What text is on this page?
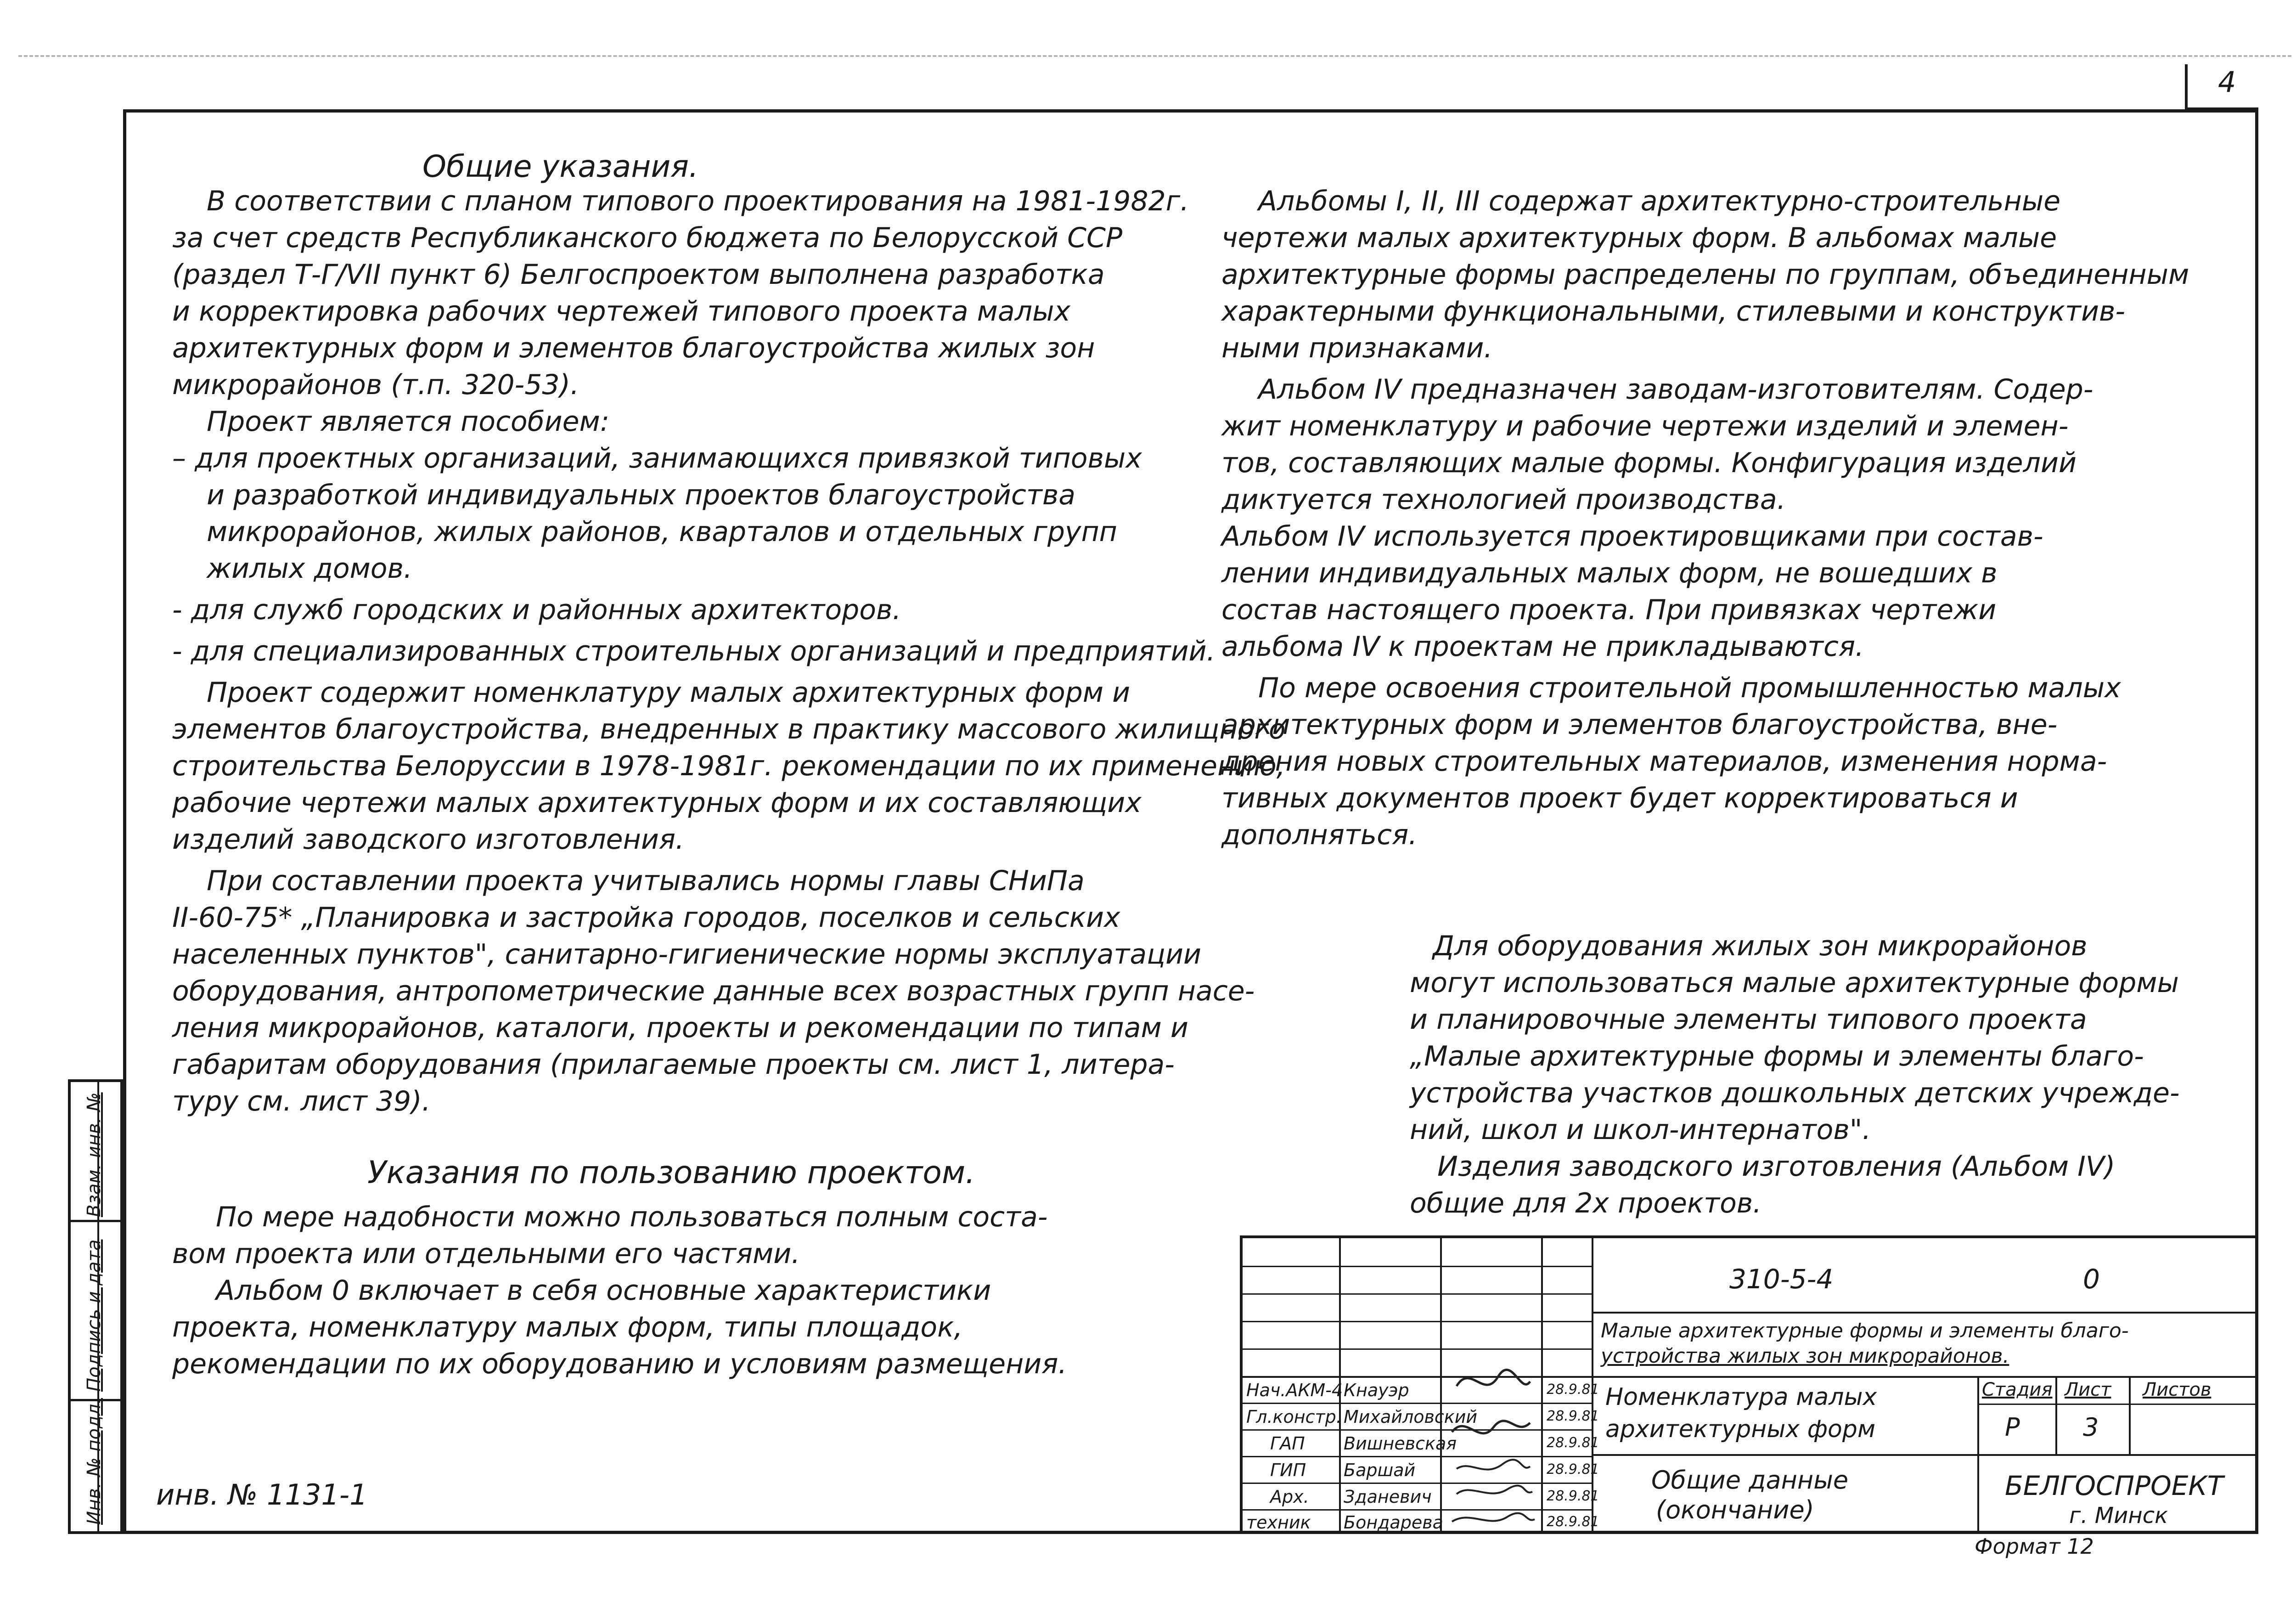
4
Взам. инв. №
Подпись и дата
Инв. № подл.
Общие указания.
В соответствии с планом типового проектирования на 1981-1982г.
за счет средств Республиканского бюджета по Белорусской ССР
(раздел Т-Г/VII пункт 6) Белгоспроектом выполнена разработка
и корректировка рабочих чертежей типового проекта малых
архитектурных форм и элементов благоустройства жилых зон
микрорайонов (т.п. 320-53).
Проект является пособием:
– для проектных организаций, занимающихся привязкой типовых
и разработкой индивидуальных проектов благоустройства
микрорайонов, жилых районов, кварталов и отдельных групп
жилых домов.
- для служб городских и районных архитекторов.
- для специализированных строительных организаций и предприятий.
Проект содержит номенклатуру малых архитектурных форм и
элементов благоустройства, внедренных в практику массового жилищного
строительства Белоруссии в 1978-1981г. рекомендации по их применению,
рабочие чертежи малых архитектурных форм и их составляющих
изделий заводского изготовления.
При составлении проекта учитывались нормы главы СНиПа
II-60-75* „Планировка и застройка городов, поселков и сельских
населенных пунктов", санитарно-гигиенические нормы эксплуатации
оборудования, антропометрические данные всех возрастных групп насе-
ления микрорайонов, каталоги, проекты и рекомендации по типам и
габаритам оборудования (прилагаемые проекты см. лист 1, литера-
туру см. лист 39).
Указания по пользованию проектом.
По мере надобности можно пользоваться полным соста-
вом проекта или отдельными его частями.
Альбом 0 включает в себя основные характеристики
проекта, номенклатуру малых форм, типы площадок,
рекомендации по их оборудованию и условиям размещения.
инв. № 1131-1
Альбомы I, II, III содержат архитектурно-строительные
чертежи малых архитектурных форм. В альбомах малые
архитектурные формы распределены по группам, объединенным
характерными функциональными, стилевыми и конструктив-
ными признаками.
Альбом IV предназначен заводам-изготовителям. Содер-
жит номенклатуру и рабочие чертежи изделий и элемен-
тов, составляющих малые формы. Конфигурация изделий
диктуется технологией производства.
Альбом IV используется проектировщиками при состав-
лении индивидуальных малых форм, не вошедших в
состав настоящего проекта. При привязках чертежи
альбома IV к проектам не прикладываются.
По мере освоения строительной промышленностью малых
архитектурных форм и элементов благоустройства, вне-
дрения новых строительных материалов, изменения норма-
тивных документов проект будет корректироваться и
дополняться.
Для оборудования жилых зон микрорайонов
могут использоваться малые архитектурные формы
и планировочные элементы типового проекта
„Малые архитектурные формы и элементы благо-
устройства участков дошкольных детских учрежде-
ний, школ и школ-интернатов".
Изделия заводского изготовления (Альбом IV)
общие для 2х проектов.
310-5-4	0
Малые архитектурные формы и элементы благо-
устройства жилых зон микрорайонов.
Номенклатура малых
архитектурных форм
Стадия Лист Листов
Р	3
Общие данные
(окончание)
БЕЛГОСПРОЕКТ
г. Минск
Нач.АКМ-4 Кнауэр	28.9.81
Гл.констр. Михайловский	28.9.81
ГАП Вишневская	28.9.81
ГИП Баршай	28.9.81
Арх. Зданевич	28.9.81
техник Бондарева	28.9.81
Формат 12
